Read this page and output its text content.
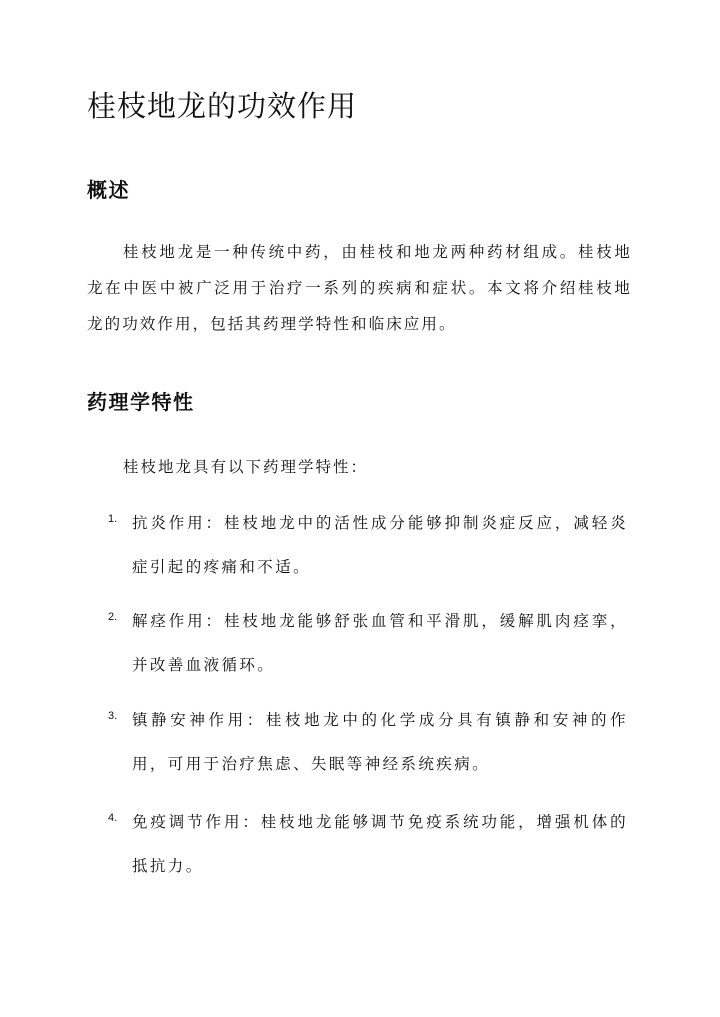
桂枝地龙的功效作用
概述

桂枝地龙是一种传统中药，由桂枝和地龙两种药材组成。桂枝地龙在中医中被广泛用于治疗一系列的疾病和症状。本文将介绍桂枝地龙的功效作用，包括其药理学特性和临床应用。

药理学特性

桂枝地龙具有以下药理学特性：

1. 抗炎作用：桂枝地龙中的活性成分能够抑制炎症反应，减轻炎症引起的疼痛和不适。

2. 解痉作用：桂枝地龙能够舒张血管和平滑肌，缓解肌肉痉挛，并改善血液循环。

3. 镇静安神作用：桂枝地龙中的化学成分具有镇静和安神的作用，可用于治疗焦虑、失眠等神经系统疾病。

4. 免疫调节作用：桂枝地龙能够调节免疫系统功能，增强机体的抵抗力。
